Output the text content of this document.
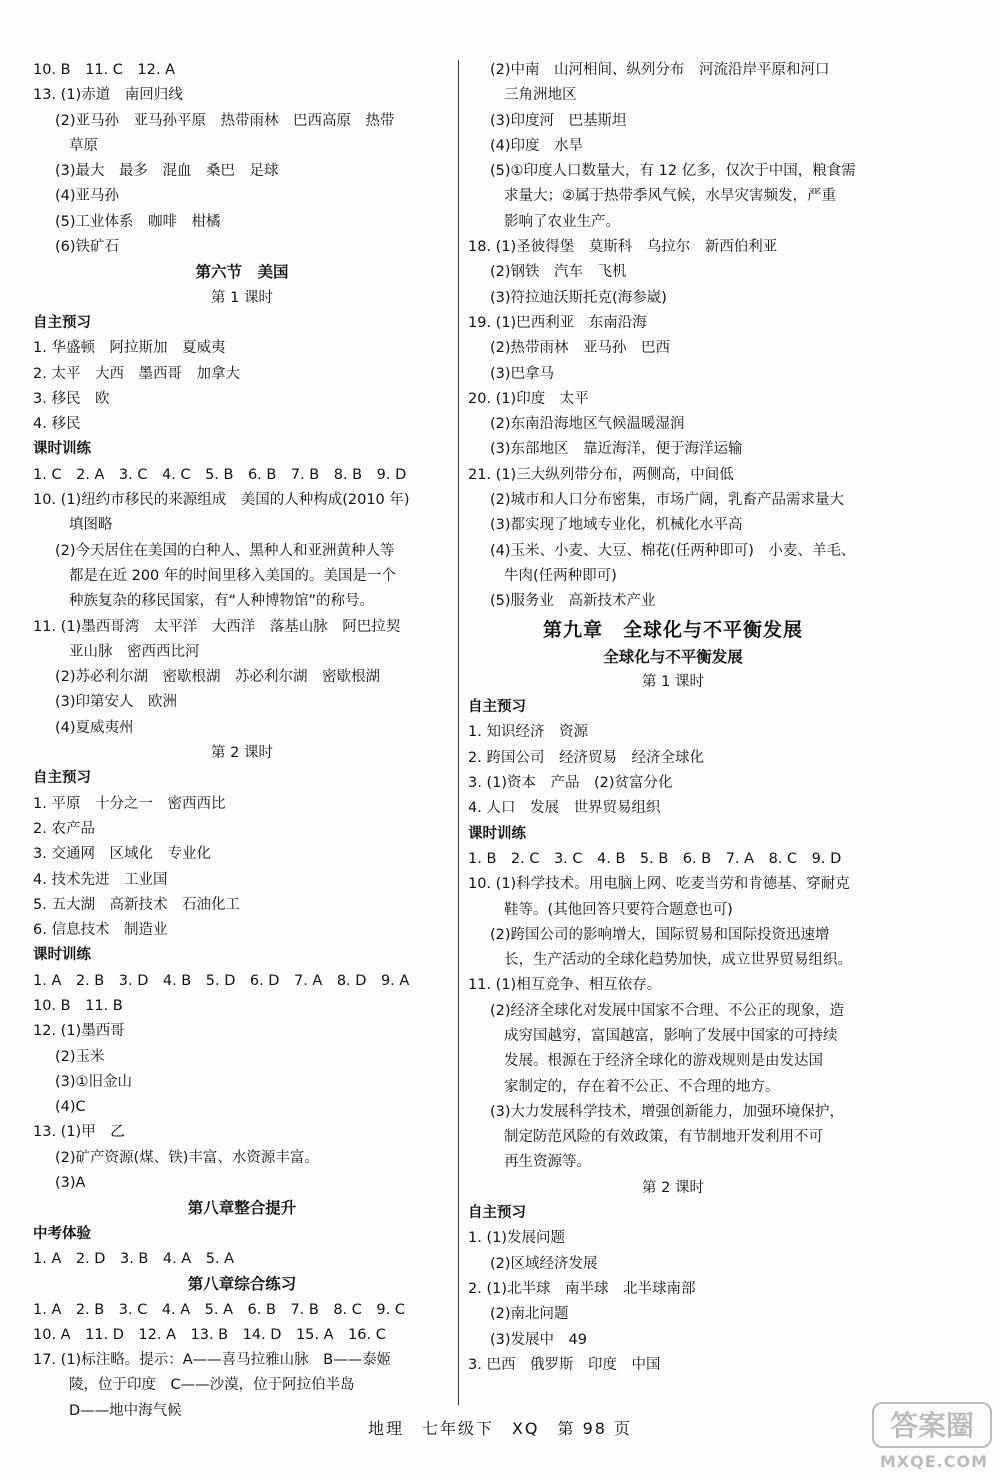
10. B　11. C　12. A
13. (1)赤道　南回归线
(2)亚马孙　亚马孙平原　热带雨林　巴西高原　热带
草原
(3)最大　最多　混血　桑巴　足球
(4)亚马孙
(5)工业体系　咖啡　柑橘
(6)铁矿石
第六节　美国
第 1 课时
自主预习
1. 华盛顿　阿拉斯加　夏威夷
2. 太平　大西　墨西哥　加拿大
3. 移民　欧
4. 移民
课时训练
1. C　2. A　3. C　4. C　5. B　6. B　7. B　8. B　9. D
10. (1)纽约市移民的来源组成　美国的人种构成(2010 年)
填图略
(2)今天居住在美国的白种人、黑种人和亚洲黄种人等
都是在近 200 年的时间里移入美国的。美国是一个
种族复杂的移民国家，有“人种博物馆”的称号。
11. (1)墨西哥湾　太平洋　大西洋　落基山脉　阿巴拉契
亚山脉　密西西比河
(2)苏必利尔湖　密歇根湖　苏必利尔湖　密歇根湖
(3)印第安人　欧洲
(4)夏威夷州
第 2 课时
自主预习
1. 平原　十分之一　密西西比
2. 农产品
3. 交通网　区域化　专业化
4. 技术先进　工业国
5. 五大湖　高新技术　石油化工
6. 信息技术　制造业
课时训练
1. A　2. B　3. D　4. B　5. D　6. D　7. A　8. D　9. A
10. B　11. B
12. (1)墨西哥
(2)玉米
(3)①旧金山
(4)C
13. (1)甲　乙
(2)矿产资源(煤、铁)丰富、水资源丰富。
(3)A
第八章整合提升
中考体验
1. A　2. D　3. B　4. A　5. A
第八章综合练习
1. A　2. B　3. C　4. A　5. A　6. B　7. B　8. C　9. C
10. A　11. D　12. A　13. B　14. D　15. A　16. C
17. (1)标注略。提示：A——喜马拉雅山脉　B——泰姬
陵，位于印度　C——沙漠，位于阿拉伯半岛
D——地中海气候
(2)中南　山河相间、纵列分布　河流沿岸平原和河口
三角洲地区
(3)印度河　巴基斯坦
(4)印度　水旱
(5)①印度人口数量大，有 12 亿多，仅次于中国，粮食需
求量大；②属于热带季风气候，水旱灾害频发，严重
影响了农业生产。
18. (1)圣彼得堡　莫斯科　乌拉尔　新西伯利亚
(2)钢铁　汽车　飞机
(3)符拉迪沃斯托克(海参崴)
19. (1)巴西利亚　东南沿海
(2)热带雨林　亚马孙　巴西
(3)巴拿马
20. (1)印度　太平
(2)东南沿海地区气候温暖湿润
(3)东部地区　靠近海洋，便于海洋运输
21. (1)三大纵列带分布，两侧高，中间低
(2)城市和人口分布密集，市场广阔，乳畜产品需求量大
(3)都实现了地域专业化，机械化水平高
(4)玉米、小麦、大豆、棉花(任两种即可)　小麦、羊毛、
牛肉(任两种即可)
(5)服务业　高新技术产业
第九章　全球化与不平衡发展
全球化与不平衡发展
第 1 课时
自主预习
1. 知识经济　资源
2. 跨国公司　经济贸易　经济全球化
3. (1)资本　产品　(2)贫富分化
4. 人口　发展　世界贸易组织
课时训练
1. B　2. C　3. C　4. B　5. B　6. B　7. A　8. C　9. D
10. (1)科学技术。用电脑上网、吃麦当劳和肯德基、穿耐克
鞋等。(其他回答只要符合题意也可)
(2)跨国公司的影响增大，国际贸易和国际投资迅速增
长，生产活动的全球化趋势加快，成立世界贸易组织。
11. (1)相互竞争、相互依存。
(2)经济全球化对发展中国家不合理、不公正的现象，造
成穷国越穷，富国越富，影响了发展中国家的可持续
发展。根源在于经济全球化的游戏规则是由发达国
家制定的，存在着不公正、不合理的地方。
(3)大力发展科学技术，增强创新能力，加强环境保护，
制定防范风险的有效政策，有节制地开发利用不可
再生资源等。
第 2 课时
自主预习
1. (1)发展问题
(2)区域经济发展
2. (1)北半球　南半球　北半球南部
(2)南北问题
(3)发展中　49
3. 巴西　俄罗斯　印度　中国
地理　七年级下　XQ　第 98 页	答案圈
MXQE.COM
